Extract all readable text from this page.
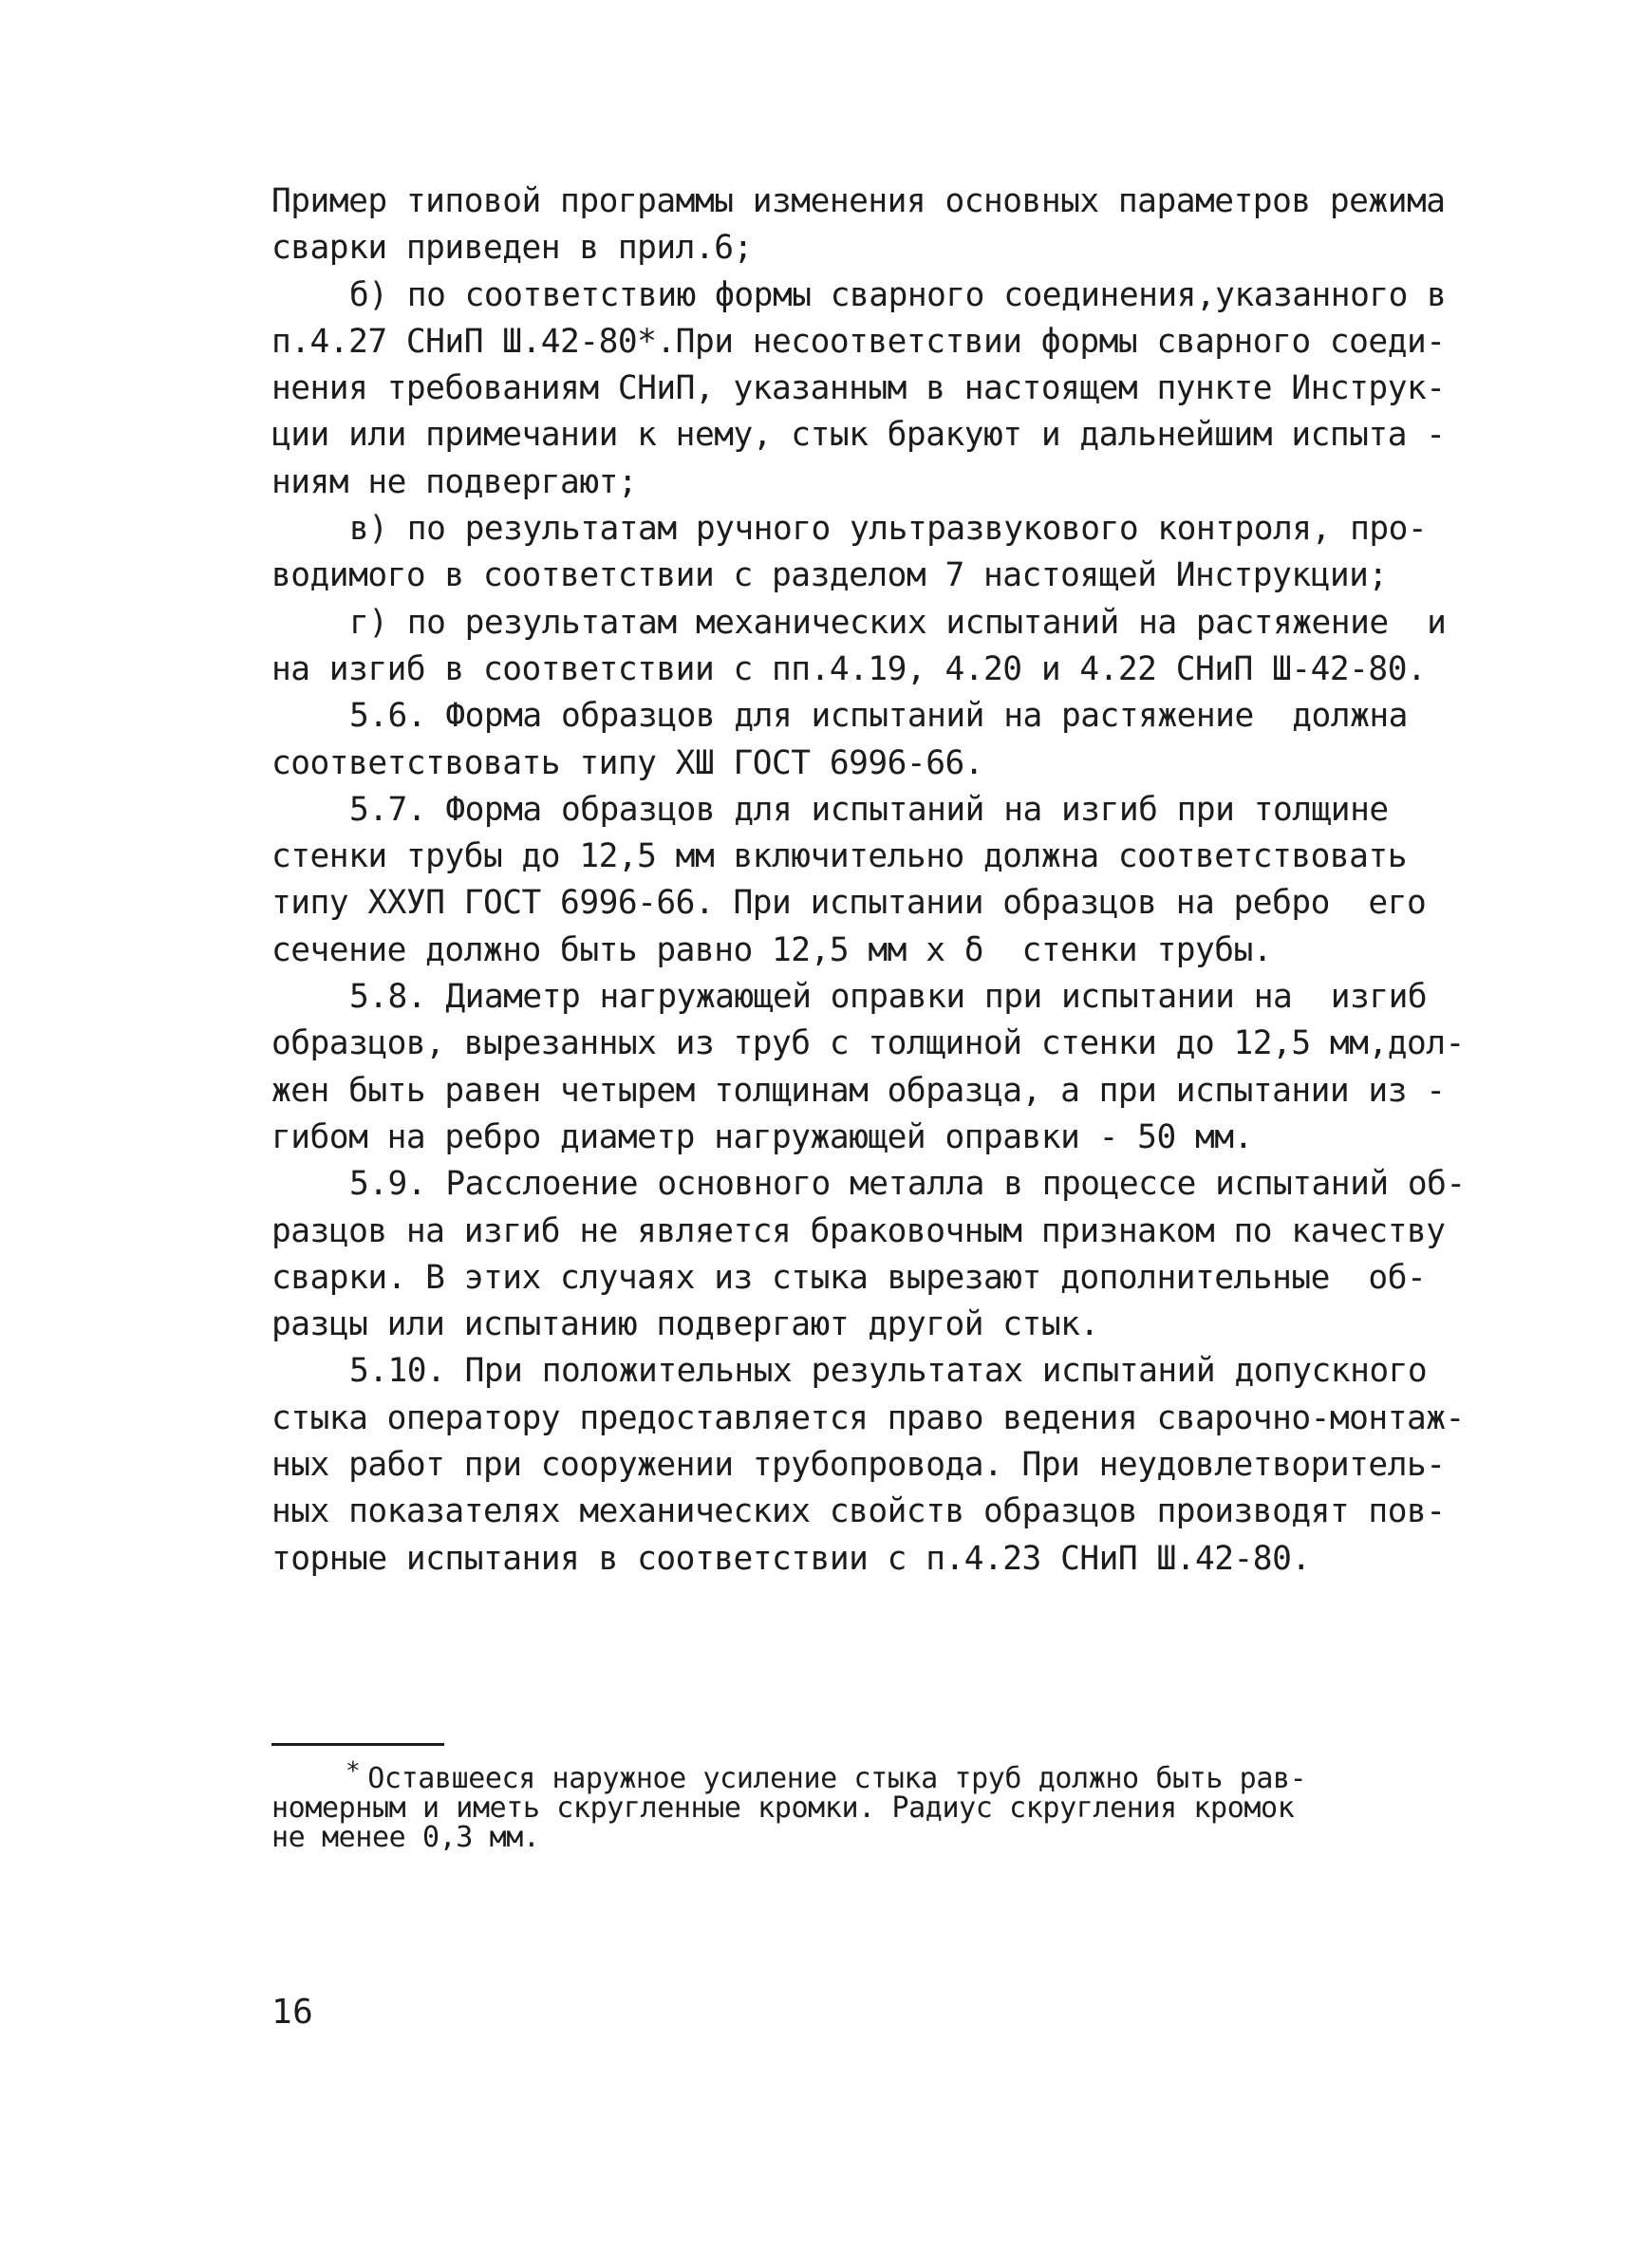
Пример типовой программы изменения основных параметров режима
сварки приведен в прил.6;
б) по соответствию формы сварного соединения,указанного в
п.4.27 СНиП Ш.42-80*.При несоответствии формы сварного соеди-
нения требованиям СНиП, указанным в настоящем пункте Инструк-
ции или примечании к нему, стык бракуют и дальнейшим испыта -
ниям не подвергают;
в) по результатам ручного ультразвукового контроля, про-
водимого в соответствии с разделом 7 настоящей Инструкции;
г) по результатам механических испытаний на растяжение  и
на изгиб в соответствии с пп.4.19, 4.20 и 4.22 СНиП Ш-42-80.
5.6. Форма образцов для испытаний на растяжение  должна
соответствовать типу XШ ГОСТ 6996-66.
5.7. Форма образцов для испытаний на изгиб при толщине
стенки трубы до 12,5 мм включительно должна соответствовать
типу XXУП ГОСТ 6996-66. При испытании образцов на ребро  его
сечение должно быть равно 12,5 мм х δ  стенки трубы.
5.8. Диаметр нагружающей оправки при испытании на  изгиб
образцов, вырезанных из труб с толщиной стенки до 12,5 мм,дол-
жен быть равен четырем толщинам образца, а при испытании из -
гибом на ребро диаметр нагружающей оправки - 50 мм.
5.9. Расслоение основного металла в процессе испытаний об-
разцов на изгиб не является браковочным признаком по качеству
сварки. В этих случаях из стыка вырезают дополнительные  об-
разцы или испытанию подвергают другой стык.
5.10. При положительных результатах испытаний допускного
стыка оператору предоставляется право ведения сварочно-монтаж-
ных работ при сооружении трубопровода. При неудовлетворитель-
ных показателях механических свойств образцов производят пов-
торные испытания в соответствии с п.4.23 СНиП Ш.42-80.
* Оставшееся наружное усиление стыка труб должно быть рав-
номерным и иметь скругленные кромки. Радиус скругления кромок
не менее 0,3 мм.
16
